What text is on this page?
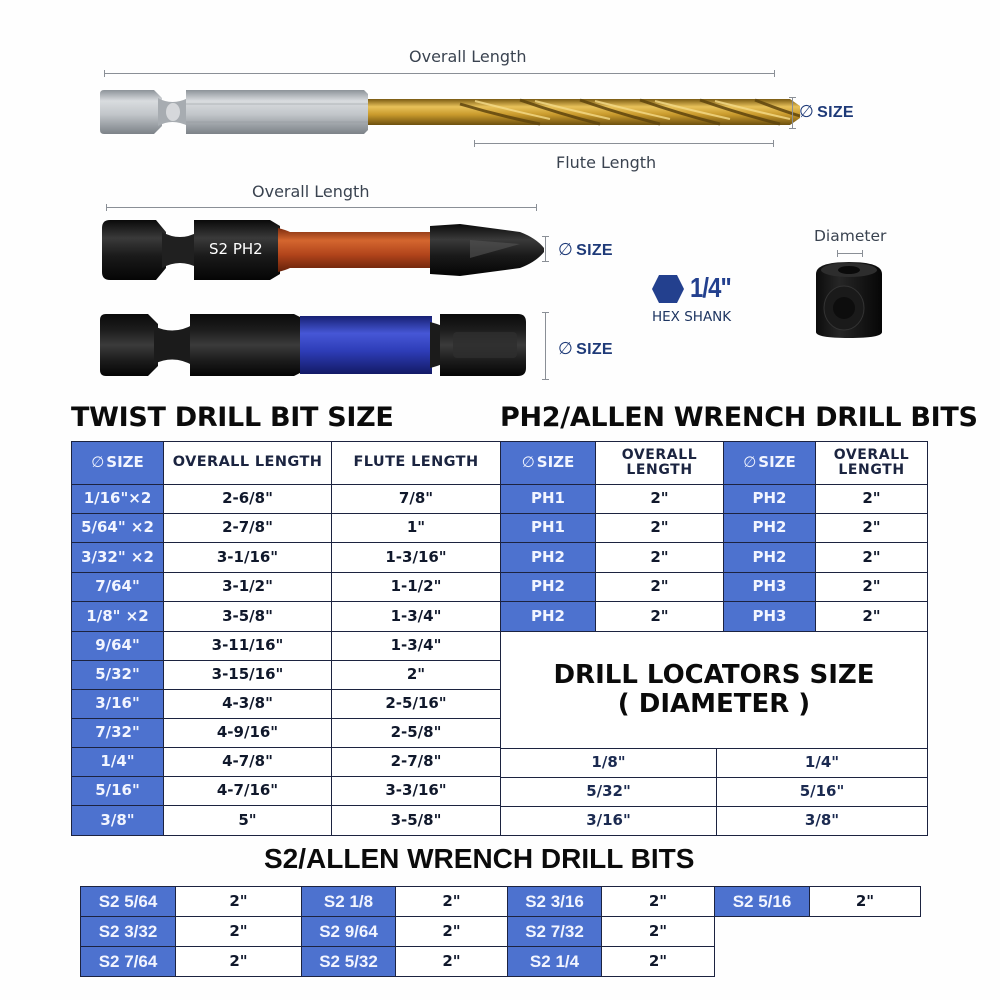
Overall Length
∅ SIZE
Flute Length
Overall Length
S2 PH2	∅ SIZE
∅ SIZE
1/4"
HEX SHANK
Diameter
TWIST DRILL BIT SIZE	PH2/ALLEN WRENCH DRILL BITS
∅ SIZE	OVERALL LENGTH	FLUTE LENGTH
1/16"×2	2-6/8"	7/8"
5/64" ×2	2-7/8"	1"
3/32" ×2	3-1/16"	1-3/16"
7/64"	3-1/2"	1-1/2"
1/8" ×2	3-5/8"	1-3/4"
9/64"	3-11/16"	1-3/4"
5/32"	3-15/16"	2"
3/16"	4-3/8"	2-5/16"
7/32"	4-9/16"	2-5/8"
1/4"	4-7/8"	2-7/8"
5/16"	4-7/16"	3-3/16"
3/8"	5"	3-5/8"
∅ SIZE	OVERALL
LENGTH	∅ SIZE	OVERALL
LENGTH
PH1	2"	PH2	2"
PH1	2"	PH2	2"
PH2	2"	PH2	2"
PH2	2"	PH3	2"
PH2	2"	PH3	2"
DRILL LOCATORS SIZE
( DIAMETER )
1/8"	1/4"
5/32"	5/16"
3/16"	3/8"
S2/ALLEN WRENCH DRILL BITS
S2 5/64	2"
S2 3/32	2"
S2 7/64	2"
S2 1/8	2"
S2 9/64	2"
S2 5/32	2"
S2 3/16	2"
S2 7/32	2"
S2 1/4	2"
S2 5/16	2"
